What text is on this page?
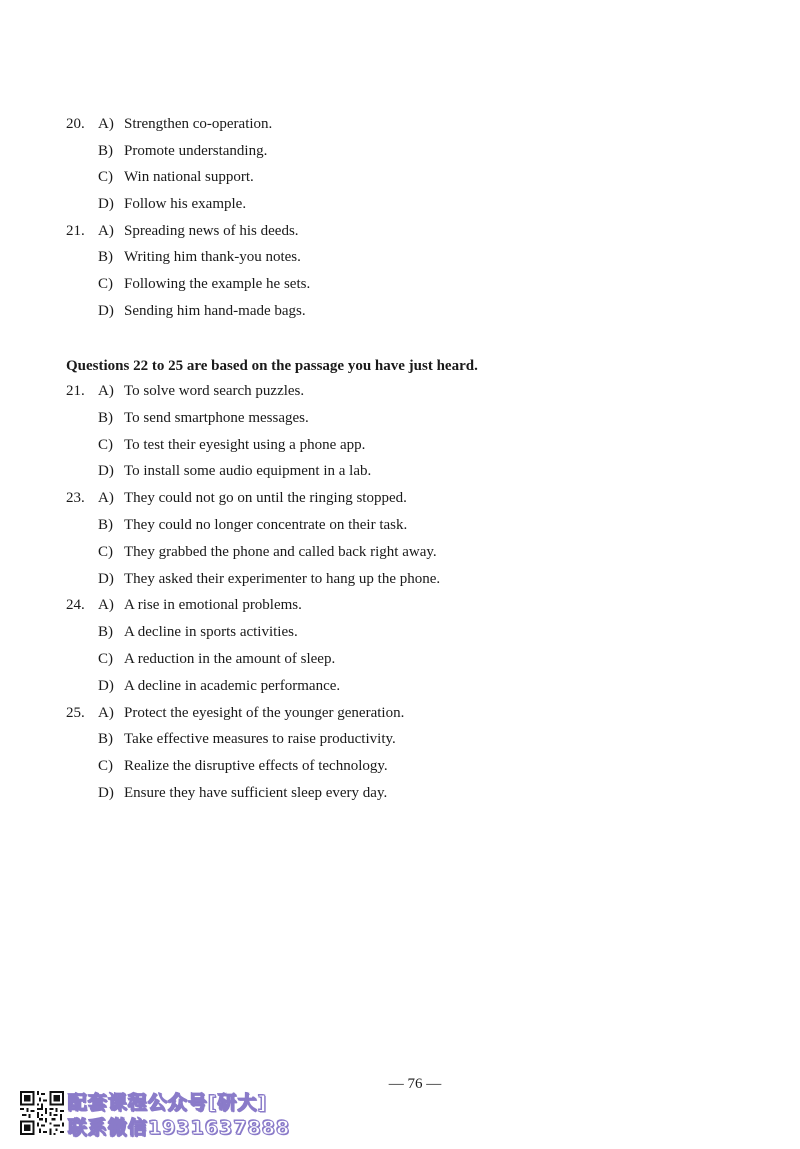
20. A) Strengthen co-operation.
B) Promote understanding.
C) Win national support.
D) Follow his example.
21. A) Spreading news of his deeds.
B) Writing him thank-you notes.
C) Following the example he sets.
D) Sending him hand-made bags.
Questions 22 to 25 are based on the passage you have just heard.
21. A) To solve word search puzzles.
B) To send smartphone messages.
C) To test their eyesight using a phone app.
D) To install some audio equipment in a lab.
23. A) They could not go on until the ringing stopped.
B) They could no longer concentrate on their task.
C) They grabbed the phone and called back right away.
D) They asked their experimenter to hang up the phone.
24. A) A rise in emotional problems.
B) A decline in sports activities.
C) A reduction in the amount of sleep.
D) A decline in academic performance.
25. A) Protect the eyesight of the younger generation.
B) Take effective measures to raise productivity.
C) Realize the disruptive effects of technology.
D) Ensure they have sufficient sleep every day.
— 76 —
配套课程公众号[研大]
联系微信1931637888
